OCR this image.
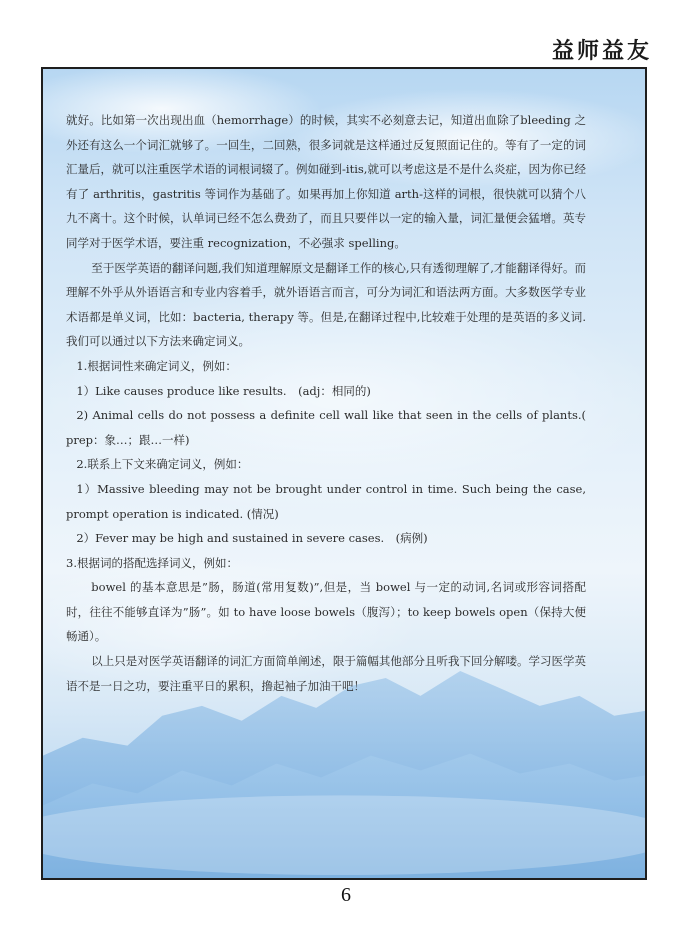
益师益友

就好。比如第一次出现出血（hemorrhage）的时候，其实不必刻意去记，知道出血除了bleeding 之外还有这么一个词汇就够了。一回生，二回熟，很多词就是这样通过反复照面记住的。等有了一定的词汇量后，就可以注重医学术语的词根词辍了。例如碰到-itis,就可以考虑这是不是什么炎症，因为你已经有了 arthritis，gastritis 等词作为基础了。如果再加上你知道 arth-这样的词根，很快就可以猜个八九不离十。这个时候，认单词已经不怎么费劲了，而且只要伴以一定的输入量，词汇量便会猛增。英专同学对于医学术语，要注重 recognization，不必强求 spelling。

至于医学英语的翻译问题,我们知道理解原文是翻译工作的核心,只有透彻理解了,才能翻译得好。而理解不外乎从外语语言和专业内容着手，就外语语言而言，可分为词汇和语法两方面。大多数医学专业术语都是单义词，比如：bacteria, therapy 等。但是,在翻译过程中,比较难于处理的是英语的多义词.我们可以通过以下方法来确定词义。

1.根据词性来确定词义，例如：

1）Like causes produce like results.　(adj：相同的)

2) Animal cells do not possess a definite cell wall like that seen in the cells of plants.( prep：象…；跟…一样)

2.联系上下文来确定词义，例如：

1）Massive bleeding may not be brought under control in time. Such being the case, prompt operation is indicated. (情况)

2）Fever may be high and sustained in severe cases.　(病例)

3.根据词的搭配选择词义，例如：

bowel 的基本意思是”肠，肠道(常用复数)”,但是，当 bowel 与一定的动词,名词或形容词搭配时，往往不能够直译为”肠”。如 to have loose bowels（腹泻）；to keep bowels open（保持大便畅通）。

以上只是对医学英语翻译的词汇方面简单阐述，限于篇幅其他部分且听我下回分解喽。学习医学英语不是一日之功，要注重平日的累积，撸起袖子加油干吧！

6
